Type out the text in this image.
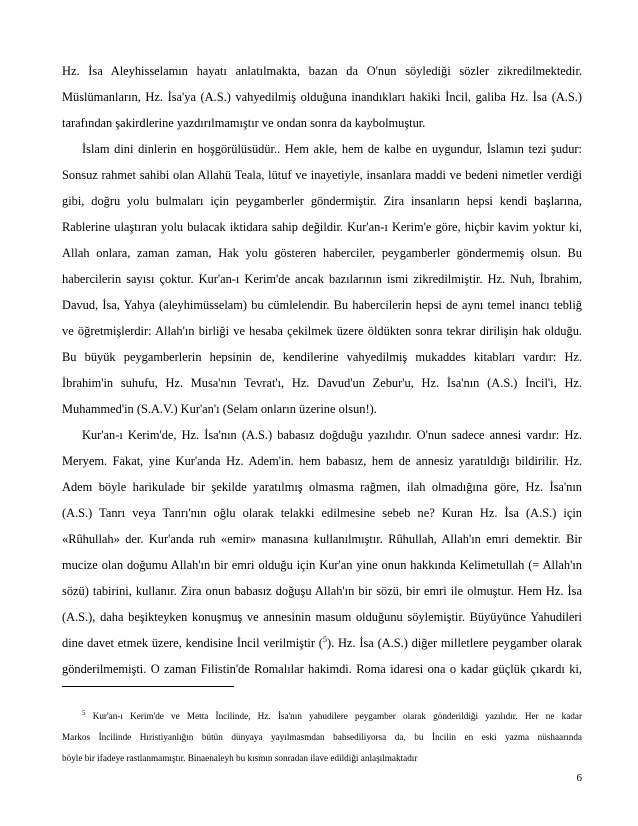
Hz. İsa Aleyhisselamın hayatı anlatılmakta, bazan da O'nun söylediği sözler zikredilmektedir.
Müslümanların, Hz. İsa'ya (A.S.) vahyedilmiş olduğuna inandıkları hakiki İncil, galiba Hz. İsa (A.S.)
tarafından şakirdlerine yazdırılmamıştır ve ondan sonra da kaybolmuştur.
İslam dini dinlerin en hoşgörülüsüdür.. Hem akle, hem de kalbe en uygundur, İslamın tezi şudur:
Sonsuz rahmet sahibi olan Allahü Teala, lütuf ve inayetiyle, insanlara maddi ve bedeni nimetler verdiği
gibi, doğru yolu bulmaları için peygamberler göndermiştir. Zira insanların hepsi kendi başlarına,
Rablerine ulaştıran yolu bulacak iktidara sahip değildir. Kur'an-ı Kerim'e göre, hiçbir kavim yoktur ki,
Allah onlara, zaman zaman, Hak yolu gösteren haberciler, peygamberler göndermemiş olsun. Bu
habercilerin sayısı çoktur. Kur'an-ı Kerim'de ancak bazılarının ismi zikredilmiştir. Hz. Nuh, İbrahim,
Davud, İsa, Yahya (aleyhimüsselam) bu cümlelendir. Bu habercilerin hepsi de aynı temel inancı tebliğ
ve öğretmişlerdir: Allah'ın birliği ve hesaba çekilmek üzere öldükten sonra tekrar dirilişin hak olduğu.
Bu büyük peygamberlerin hepsinin de, kendilerine vahyedilmiş mukaddes kitabları vardır: Hz.
İbrahim'in suhufu, Hz. Musa'nın Tevrat'ı, Hz. Davud'un Zebur'u, Hz. İsa'nın (A.S.) İncil'i, Hz.
Muhammed'in (S.A.V.) Kur'an'ı (Selam onların üzerine olsun!).
Kur'an-ı Kerim'de, Hz. İsa'nın (A.S.) babasız doğduğu yazılıdır. O'nun sadece annesi vardır: Hz.
Meryem. Fakat, yine Kur'anda Hz. Adem'in. hem babasız, hem de annesiz yaratıldığı bildirilir. Hz.
Adem böyle harikulade bir şekilde yaratılmış olmasma rağmen, ilah olmadığına göre, Hz. İsa'nın
(A.S.) Tanrı veya Tanrı'nın oğlu olarak telakki edilmesine sebeb ne? Kuran Hz. İsa (A.S.) için
«Rûhullah» der. Kur'anda ruh «emir» manasına kullanılmıştır. Rûhullah, Allah'ın emri demektir. Bir
mucize olan doğumu Allah'ın bir emri olduğu için Kur'an yine onun hakkında Kelimetullah (= Allah'ın
sözü) tabirini, kullanır. Zira onun babasız doğuşu Allah'ın bir sözü, bir emri ile olmuştur. Hem Hz. İsa
(A.S.), daha beşikteyken konuşmuş ve annesinin masum olduğunu söylemiştir. Büyüyünce Yahudileri
dine davet etmek üzere, kendisine İncil verilmiştir ($^5$). Hz. İsa (A.S.) diğer milletlere peygamber olarak
gönderilmemişti. O zaman Filistin'de Romalılar hakimdi. Roma idaresi ona o kadar güçlük çıkardı ki,
$^5$ Kur'an-ı Kerim'de ve Metta İncilinde, Hz. İsa'nın yahudilere peygamber olarak gönderildiği yazılıdır. Her ne kadar
Markos İncilinde Hıristiyanlığın bütün dünyaya yayılmasmdan bahsediliyorsa da, bu İncilin en eski yazma nüshaarında
böyle bir ifadeye rastlanmamıştır. Binaenaleyh bu kısmın sonradan ilave edildiği anlaşılmaktadır
6
